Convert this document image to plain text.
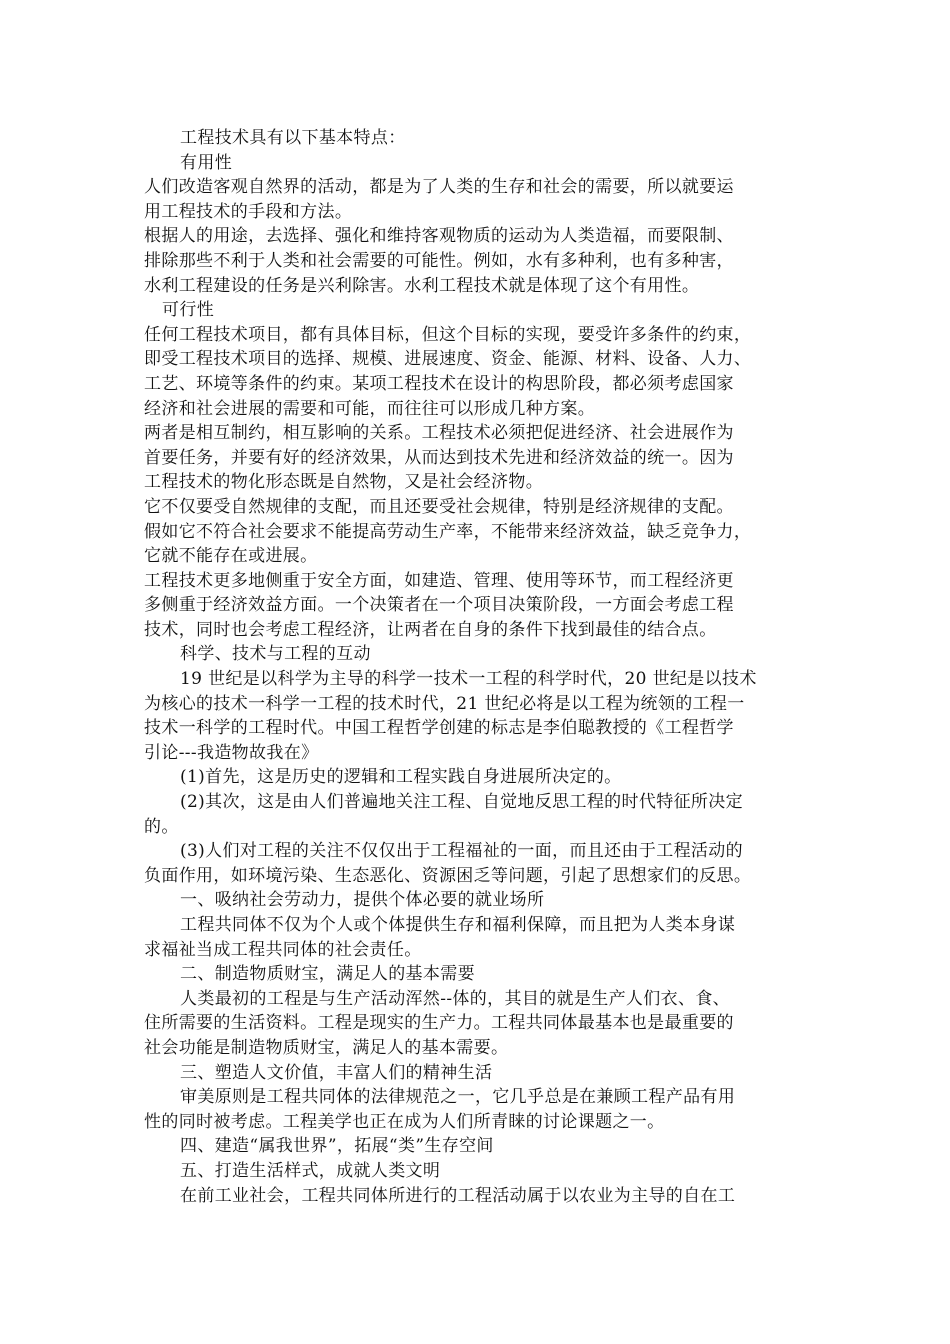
工程技术具有以下基本特点：
有用性
人们改造客观自然界的活动，都是为了人类的生存和社会的需要，所以就要运
用工程技术的手段和方法。
根据人的用途，去选择、强化和维持客观物质的运动为人类造福，而要限制、
排除那些不利于人类和社会需要的可能性。例如，水有多种利，也有多种害，
水利工程建设的任务是兴利除害。水利工程技术就是体现了这个有用性。
可行性
任何工程技术项目，都有具体目标，但这个目标的实现，要受许多条件的约束，
即受工程技术项目的选择、规模、进展速度、资金、能源、材料、设备、人力、
工艺、环境等条件的约束。某项工程技术在设计的构思阶段，都必须考虑国家
经济和社会进展的需要和可能，而往往可以形成几种方案。
两者是相互制约，相互影响的关系。工程技术必须把促进经济、社会进展作为
首要任务，并要有好的经济效果，从而达到技术先进和经济效益的统一。因为
工程技术的物化形态既是自然物，又是社会经济物。
它不仅要受自然规律的支配，而且还要受社会规律，特别是经济规律的支配。
假如它不符合社会要求不能提高劳动生产率，不能带来经济效益，缺乏竞争力，
它就不能存在或进展。
工程技术更多地侧重于安全方面，如建造、管理、使用等环节，而工程经济更
多侧重于经济效益方面。一个决策者在一个项目决策阶段，一方面会考虑工程
技术，同时也会考虑工程经济，让两者在自身的条件下找到最佳的结合点。
科学、技术与工程的互动
19 世纪是以科学为主导的科学一技术一工程的科学时代，20 世纪是以技术
为核心的技术一科学一工程的技术时代，21 世纪必将是以工程为统领的工程一
技术一科学的工程时代。中国工程哲学创建的标志是李伯聪教授的《工程哲学
引论---我造物故我在》
(1)首先，这是历史的逻辑和工程实践自身进展所决定的。
(2)其次，这是由人们普遍地关注工程、自觉地反思工程的时代特征所决定
的。
(3)人们对工程的关注不仅仅出于工程福祉的一面，而且还由于工程活动的
负面作用，如环境污染、生态恶化、资源困乏等问题，引起了思想家们的反思。
一、吸纳社会劳动力，提供个体必要的就业场所
工程共同体不仅为个人或个体提供生存和福利保障，而且把为人类本身谋
求福祉当成工程共同体的社会责任。
二、制造物质财宝，满足人的基本需要
人类最初的工程是与生产活动浑然--体的，其目的就是生产人们衣、食、
住所需要的生活资料。工程是现实的生产力。工程共同体最基本也是最重要的
社会功能是制造物质财宝，满足人的基本需要。
三、塑造人文价值，丰富人们的精神生活
审美原则是工程共同体的法律规范之一，它几乎总是在兼顾工程产品有用
性的同时被考虑。工程美学也正在成为人们所青睐的讨论课题之一。
四、建造“属我世界”，拓展“类”生存空间
五、打造生活样式，成就人类文明
在前工业社会，工程共同体所进行的工程活动属于以农业为主导的自在工
